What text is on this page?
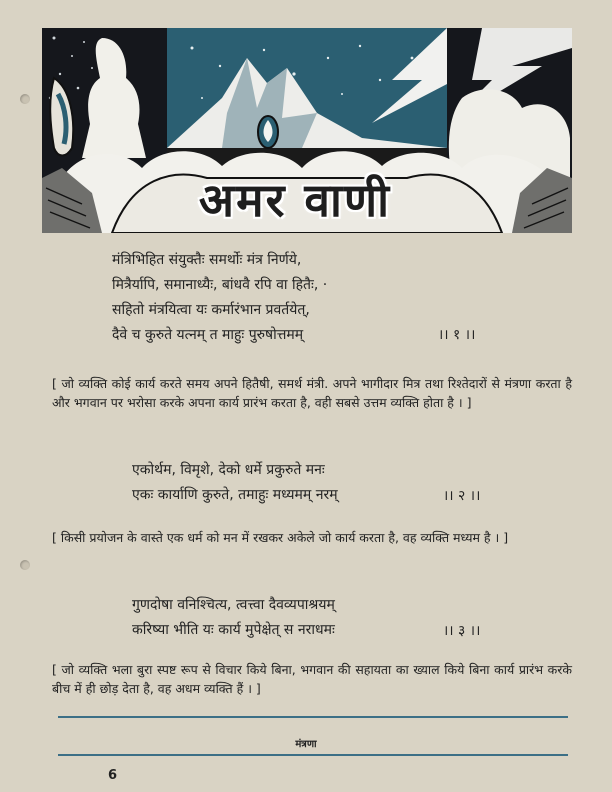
अमर वाणी
मंत्रिभिहित संयुक्तैः समर्थोः मंत्र निर्णये,
मित्रैर्यापि, समानाध्यैः, बांधवै रपि वा हितैः, ·
सहितो मंत्रयित्वा यः कर्मारंभान प्रवर्तयेत्,
दैवे च कुरुते यत्नम् त माहुः पुरुषोत्तमम्	।। १ ।।
[ जो व्यक्ति कोई कार्य करते समय अपने हितैषी, समर्थ मंत्री. अपने भागीदार मित्र तथा रिश्तेदारों से मंत्रणा करता है और भगवान पर भरोसा करके अपना कार्य प्रारंभ करता है, वही सबसे उत्तम व्यक्ति होता है । ]
एकोर्थम, विमृशे, देको धर्मे प्रकुरुते मनः
एकः कार्याणि कुरुते, तमाहुः मध्यमम् नरम्	।। २ ।।
[ किसी प्रयोजन के वास्ते एक धर्म को मन में रखकर अकेले जो कार्य करता है, वह व्यक्ति मध्यम है । ]
गुणदोषा वनिश्चित्य, त्वत्त्वा दैवव्यपाश्रयम्
करिष्या भीति यः कार्य मुपेक्षेत् स नराधमः	।। ३ ।।
[ जो व्यक्ति भला बुरा स्पष्ट रूप से विचार किये बिना, भगवान की सहायता का ख्याल किये बिना कार्य प्रारंभ करके बीच में ही छोड़ देता है, वह अधम व्यक्ति हैं । ]
मंत्रणा
6
